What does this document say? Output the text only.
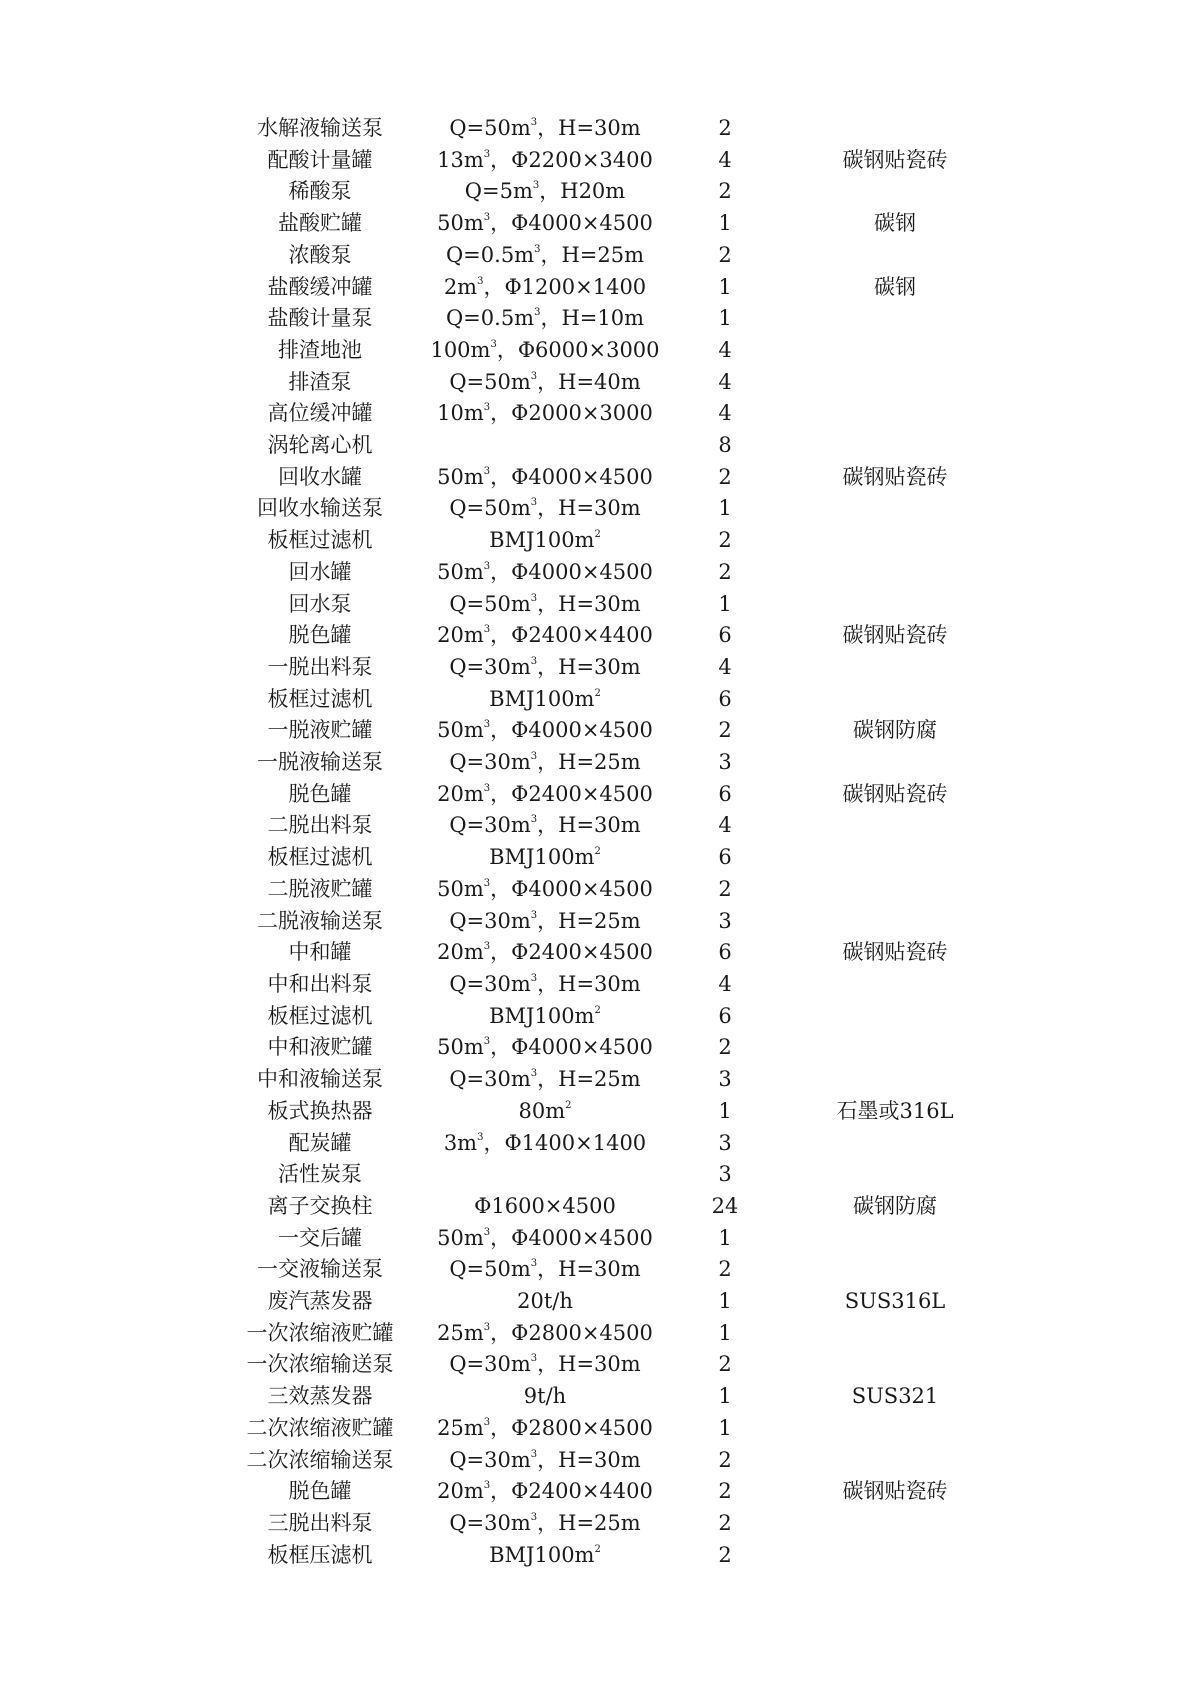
水解液输送泵	$Q=50m^3$，H=30m	2	
配酸计量罐	$13m^3$，Φ2200×3400	4	碳钢贴瓷砖
稀酸泵	$Q=5m^3$，H20m	2	
盐酸贮罐	$50m^3$，Φ4000×4500	1	碳钢
浓酸泵	$Q=0.5m^3$，H=25m	2	
盐酸缓冲罐	$2m^3$，Φ1200×1400	1	碳钢
盐酸计量泵	$Q=0.5m^3$，H=10m	1	
排渣地池	$100m^3$，Φ6000×3000	4	
排渣泵	$Q=50m^3$，H=40m	4	
高位缓冲罐	$10m^3$，Φ2000×3000	4	
涡轮离心机		8	
回收水罐	$50m^3$，Φ4000×4500	2	碳钢贴瓷砖
回收水输送泵	$Q=50m^3$，H=30m	1	
板框过滤机	$BMJ100m^2$	2	
回水罐	$50m^3$，Φ4000×4500	2	
回水泵	$Q=50m^3$，H=30m	1	
脱色罐	$20m^3$，Φ2400×4400	6	碳钢贴瓷砖
一脱出料泵	$Q=30m^3$，H=30m	4	
板框过滤机	$BMJ100m^2$	6	
一脱液贮罐	$50m^3$，Φ4000×4500	2	碳钢防腐
一脱液输送泵	$Q=30m^3$，H=25m	3	
脱色罐	$20m^3$，Φ2400×4500	6	碳钢贴瓷砖
二脱出料泵	$Q=30m^3$，H=30m	4	
板框过滤机	$BMJ100m^2$	6	
二脱液贮罐	$50m^3$，Φ4000×4500	2	
二脱液输送泵	$Q=30m^3$，H=25m	3	
中和罐	$20m^3$，Φ2400×4500	6	碳钢贴瓷砖
中和出料泵	$Q=30m^3$，H=30m	4	
板框过滤机	$BMJ100m^2$	6	
中和液贮罐	$50m^3$，Φ4000×4500	2	
中和液输送泵	$Q=30m^3$，H=25m	3	
板式换热器	$80m^2$	1	石墨或316L
配炭罐	$3m^3$，Φ1400×1400	3	
活性炭泵		3	
离子交换柱	Φ1600×4500	24	碳钢防腐
一交后罐	$50m^3$，Φ4000×4500	1	
一交液输送泵	$Q=50m^3$，H=30m	2	
废汽蒸发器	20t/h	1	SUS316L
一次浓缩液贮罐	$25m^3$，Φ2800×4500	1	
一次浓缩输送泵	$Q=30m^3$，H=30m	2	
三效蒸发器	9t/h	1	SUS321
二次浓缩液贮罐	$25m^3$，Φ2800×4500	1	
二次浓缩输送泵	$Q=30m^3$，H=30m	2	
脱色罐	$20m^3$，Φ2400×4400	2	碳钢贴瓷砖
三脱出料泵	$Q=30m^3$，H=25m	2	
板框压滤机	$BMJ100m^2$	2	
